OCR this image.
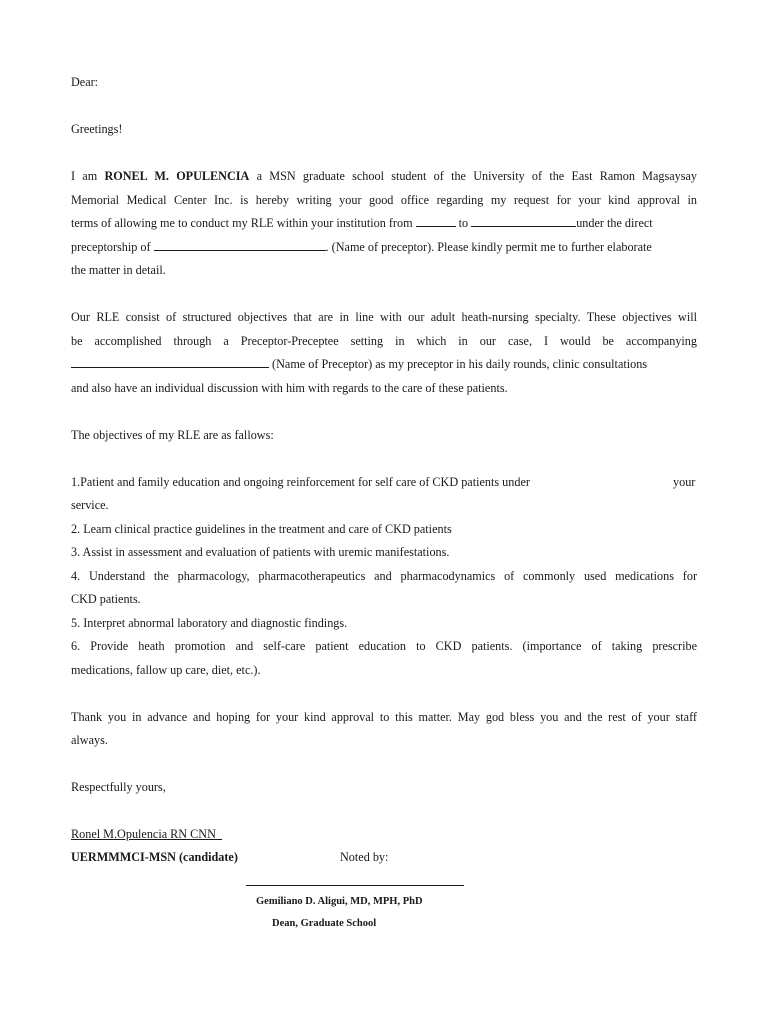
Dear:
Greetings!
I am RONEL M. OPULENCIA a MSN graduate school student of the University of the East Ramon Magsaysay
Memorial Medical Center Inc. is hereby writing your good office regarding my request for your kind approval in
terms of allowing me to conduct my RLE within your institution from	to	under the direct
preceptorship of	. (Name of preceptor). Please kindly permit me to further elaborate
the matter in detail.
Our RLE consist of structured objectives that are in line with our adult heath-nursing specialty. These objectives will
be accomplished through a Preceptor-Preceptee setting in which in our case, I would be accompanying
(Name of Preceptor) as my preceptor in his daily rounds, clinic consultations
and also have an individual discussion with him with regards to the care of these patients.
The objectives of my RLE are as fallows:
1.Patient and family education and ongoing reinforcement for self care of CKD patients under	your
service.
2. Learn clinical practice guidelines in the treatment and care of CKD patients
3. Assist in assessment and evaluation of patients with uremic manifestations.
4. Understand the pharmacology, pharmacotherapeutics and pharmacodynamics of commonly used medications for
CKD patients.
5. Interpret abnormal laboratory and diagnostic findings.
6. Provide heath promotion and self-care patient education to CKD patients. (importance of taking prescribe
medications, fallow up care, diet, etc.).
Thank you in advance and hoping for your kind approval to this matter. May god bless you and the rest of your staff
always.
Respectfully yours,
Ronel M.Opulencia RN CNN
UERMMMCI-MSN (candidate)	Noted by:
Gemiliano D. Aligui, MD, MPH, PhD
Dean, Graduate School
